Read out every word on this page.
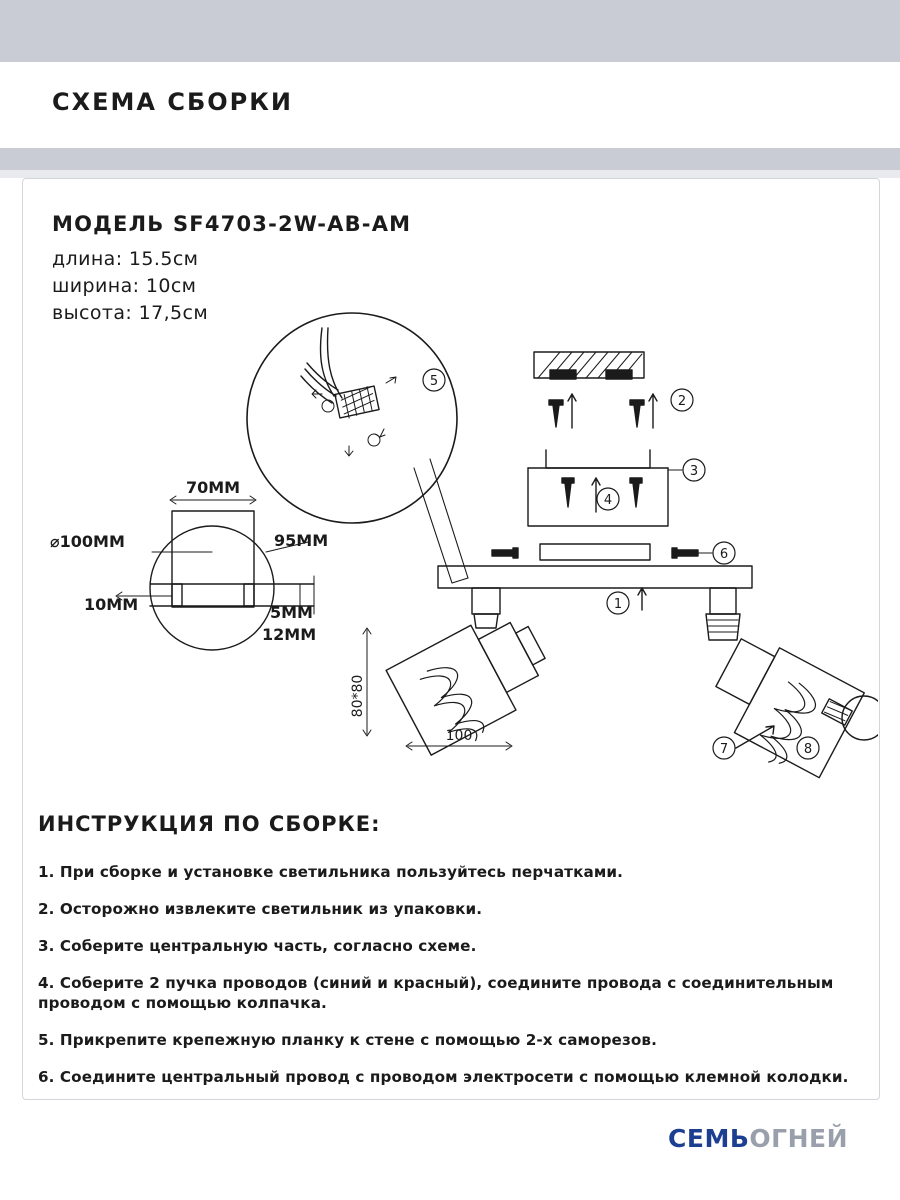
СХЕМА СБОРКИ
МОДЕЛЬ SF4703-2W-AB-AM
длина: 15.5см
ширина: 10см
высота: 17,5см
5
2
3
4
6
1
80*80
100
8
7
70ММ
⌀100ММ	95ММ
10ММ	5ММ
12ММ
ИНСТРУКЦИЯ ПО СБОРКЕ:
1. При сборке и установке светильника пользуйтесь перчатками.
2. Осторожно извлеките светильник из упаковки.
3. Соберите центральную часть, согласно схеме.
4. Соберите 2 пучка проводов (синий и красный), соедините провода с соединительным проводом с помощью колпачка.
5. Прикрепите крепежную планку к стене с помощью 2-х саморезов.
6. Соедините центральный провод с проводом электросети с помощью клемной колодки.
СЕМЬОГНЕЙ
